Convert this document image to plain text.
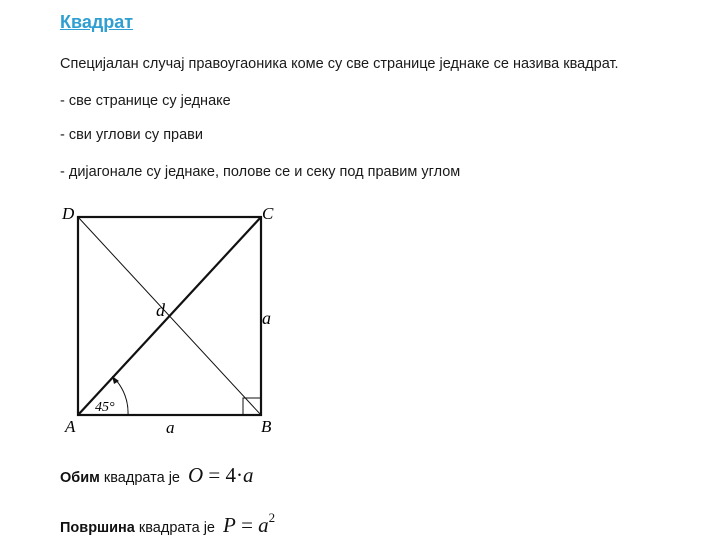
Квадрат
Специјалан случај правоугаоника коме су све странице једнаке се назива квадрат.
- све странице су једнаке
- сви углови су прави
- дијагонале су једнаке, полове се и секу под правим углом
D	C
A	B
d	a
a
45°
Обим квадрата је O = 4·a
Површина квадрата је $P = a^2$
